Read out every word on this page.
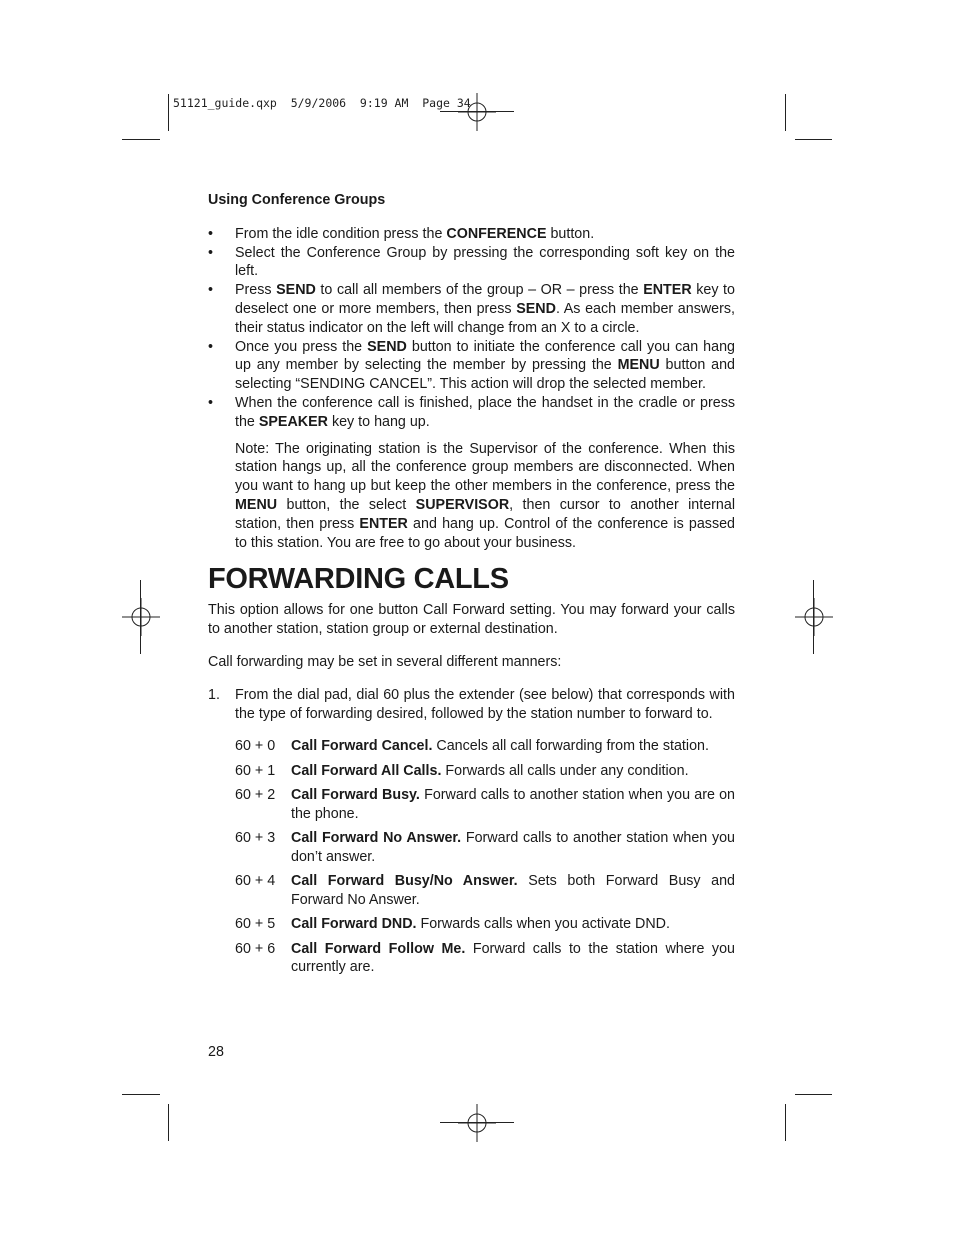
51121_guide.qxp  5/9/2006  9:19 AM  Page 34
Using Conference Groups
• From the idle condition press the CONFERENCE button.
• Select the Conference Group by pressing the corresponding soft key on the left.
• Press SEND to call all members of the group – OR – press the ENTER key to deselect one or more members, then press SEND. As each member answers, their status indicator on the left will change from an X to a circle.
• Once you press the SEND button to initiate the conference call you can hang up any member by selecting the member by pressing the MENU button and selecting “SENDING CANCEL”. This action will drop the selected member.
• When the conference call is finished, place the handset in the cradle or press the SPEAKER key to hang up.
Note: The originating station is the Supervisor of the conference. When this station hangs up, all the conference group members are disconnected. When you want to hang up but keep the other members in the conference, press the MENU button, the select SUPERVISOR, then cursor to another internal station, then press ENTER and hang up. Control of the conference is passed to this station. You are free to go about your business.
FORWARDING CALLS

This option allows for one button Call Forward setting. You may forward your calls to another station, station group or external destination.

Call forwarding may be set in several different manners:

1. From the dial pad, dial 60 plus the extender (see below) that corresponds with the type of forwarding desired, followed by the station number to forward to.
60 + 0 Call Forward Cancel. Cancels all call forwarding from the station.
60 + 1 Call Forward All Calls. Forwards all calls under any condition.
60 + 2 Call Forward Busy. Forward calls to another station when you are on the phone.
60 + 3 Call Forward No Answer. Forward calls to another station when you don’t answer.
60 + 4 Call Forward Busy/No Answer. Sets both Forward Busy and Forward No Answer.
60 + 5 Call Forward DND. Forwards calls when you activate DND.
60 + 6 Call Forward Follow Me. Forward calls to the station where you currently are.
28
